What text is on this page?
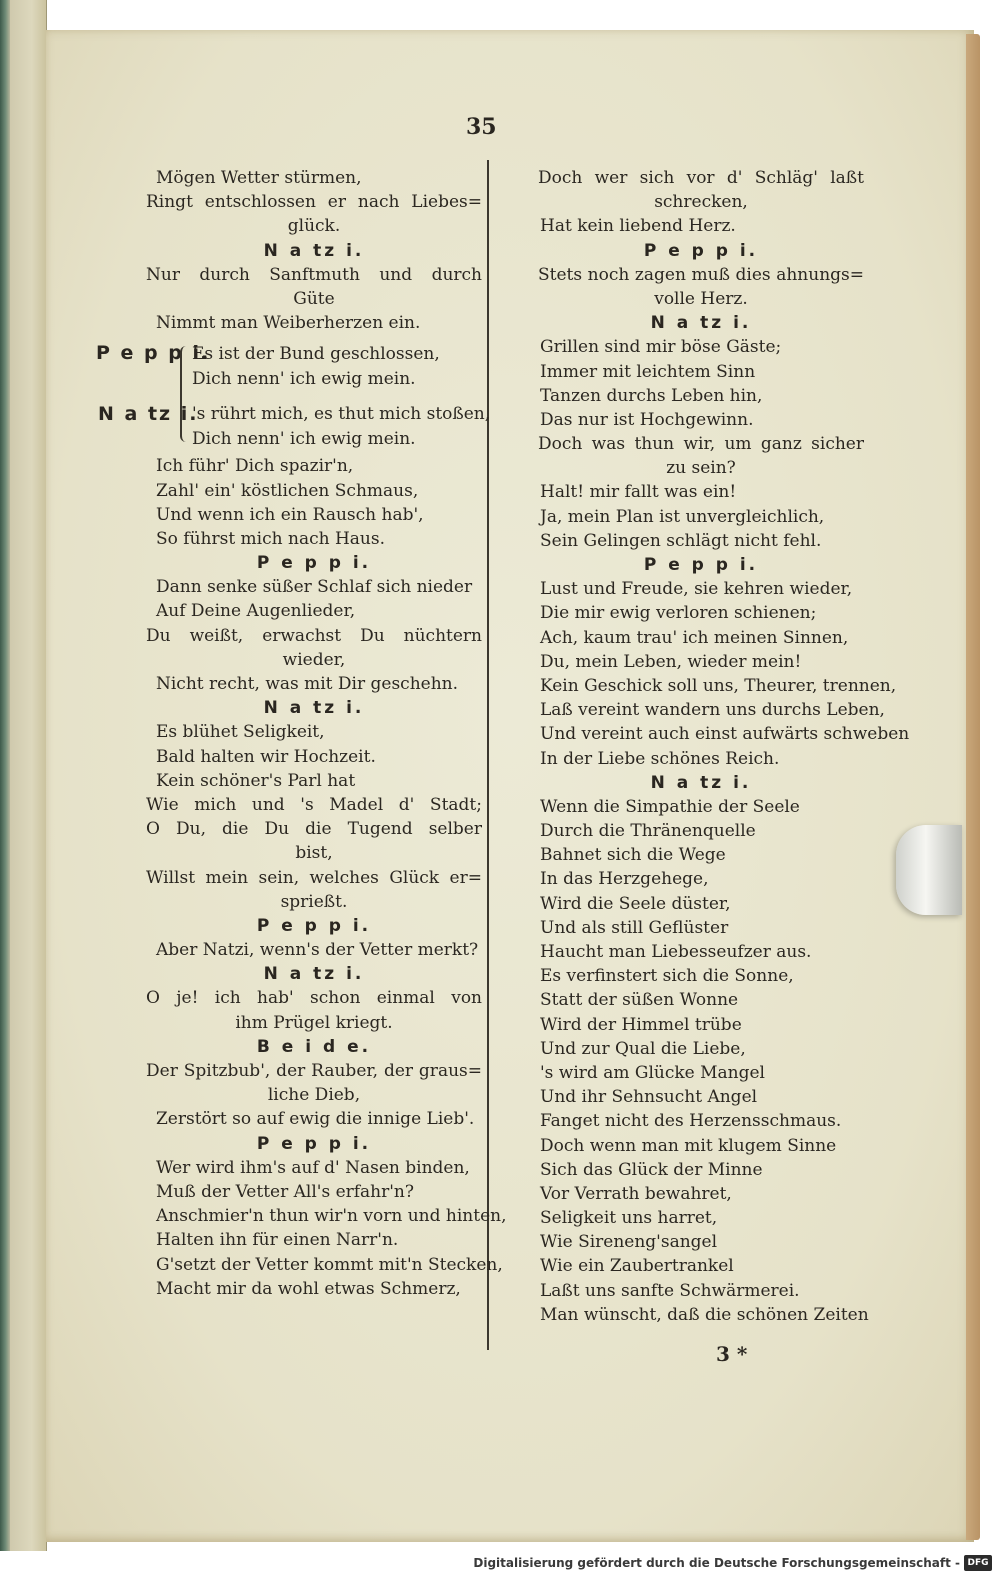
35
Mögen Wetter stürmen,
Ringt entschlossen er nach Liebes=
glück.
N a tz i.
Nur durch Sanftmuth und durch
Güte
Nimmt man Weiberherzen ein.
Ich führ' Dich spazir'n,
Zahl' ein' köstlichen Schmaus,
Und wenn ich ein Rausch hab',
So führst mich nach Haus.
P e p p i.
Dann senke süßer Schlaf sich nieder
Auf Deine Augenlieder,
Du weißt, erwachst Du nüchtern
wieder,
Nicht recht, was mit Dir geschehn.
N a tz i.
Es blühet Seligkeit,
Bald halten wir Hochzeit.
Kein schöner's Parl hat
Wie mich und 's Madel d' Stadt;
O Du, die Du die Tugend selber
bist,
Willst mein sein, welches Glück er=
sprießt.
P e p p i.
Aber Natzi, wenn's der Vetter merkt?
N a tz i.
O je! ich hab' schon einmal von
ihm Prügel kriegt.
B e i d e.
Der Spitzbub', der Rauber, der graus=
liche Dieb,
Zerstört so auf ewig die innige Lieb'.
P e p p i.
Wer wird ihm's auf d' Nasen binden,
Muß der Vetter All's erfahr'n?
Anschmier'n thun wir'n vorn und hinten,
Halten ihn für einen Narr'n.
G'setzt der Vetter kommt mit'n Stecken,
Macht mir da wohl etwas Schmerz,
P e p p i.
N a tz i.
Es ist der Bund geschlossen,
Dich nenn' ich ewig mein.
's rührt mich, es thut mich stoßen,
Dich nenn' ich ewig mein.
Doch wer sich vor d' Schläg' laßt
schrecken,
Hat kein liebend Herz.
P e p p i.
Stets noch zagen muß dies ahnungs=
volle Herz.
N a tz i.
Grillen sind mir böse Gäste;
Immer mit leichtem Sinn
Tanzen durchs Leben hin,
Das nur ist Hochgewinn.
Doch was thun wir, um ganz sicher
zu sein?
Halt! mir fallt was ein!
Ja, mein Plan ist unvergleichlich,
Sein Gelingen schlägt nicht fehl.
P e p p i.
Lust und Freude, sie kehren wieder,
Die mir ewig verloren schienen;
Ach, kaum trau' ich meinen Sinnen,
Du, mein Leben, wieder mein!
Kein Geschick soll uns, Theurer, trennen,
Laß vereint wandern uns durchs Leben,
Und vereint auch einst aufwärts schweben
In der Liebe schönes Reich.
N a tz i.
Wenn die Simpathie der Seele
Durch die Thränenquelle
Bahnet sich die Wege
In das Herzgehege,
Wird die Seele düster,
Und als still Geflüster
Haucht man Liebesseufzer aus.
Es verfinstert sich die Sonne,
Statt der süßen Wonne
Wird der Himmel trübe
Und zur Qual die Liebe,
's wird am Glücke Mangel
Und ihr Sehnsucht Angel
Fanget nicht des Herzensschmaus.
Doch wenn man mit klugem Sinne
Sich das Glück der Minne
Vor Verrath bewahret,
Seligkeit uns harret,
Wie Sireneng'sangel
Wie ein Zaubertrankel
Laßt uns sanfte Schwärmerei.
Man wünscht, daß die schönen Zeiten
3 *
Digitalisierung gefördert durch die Deutsche Forschungsgemeinschaft - DFG
